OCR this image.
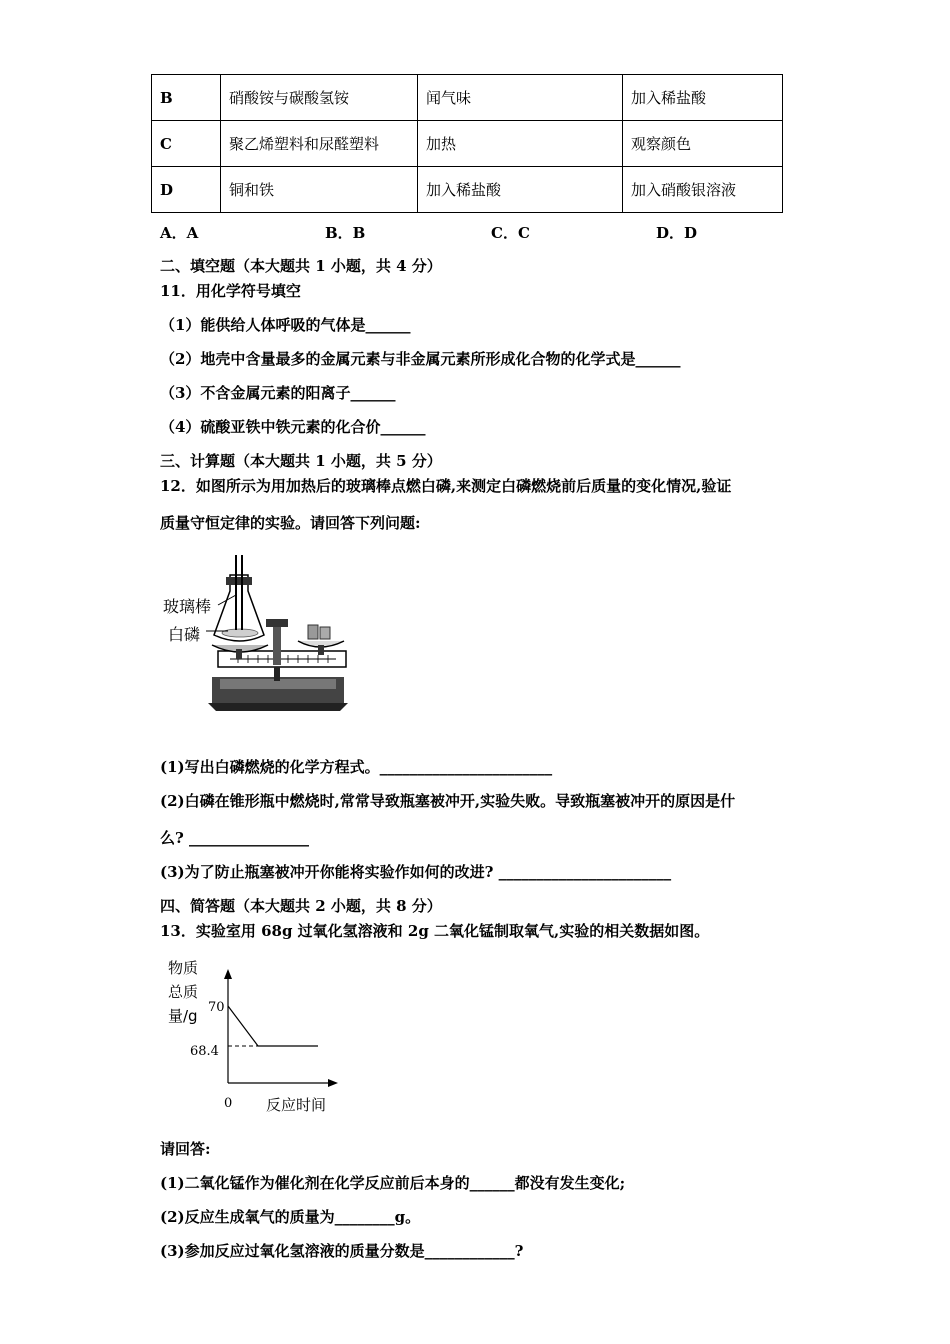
B	硝酸铵与碳酸氢铵	闻气味	加入稀盐酸
C	聚乙烯塑料和尿醛塑料	加热	观察颜色
D	铜和铁	加入稀盐酸	加入硝酸银溶液
A．A	B．B	C．C	D．D
二、填空题（本大题共 1 小题，共 4 分）
11．用化学符号填空
（1）能供给人体呼吸的气体是______
（2）地壳中含量最多的金属元素与非金属元素所形成化合物的化学式是______
（3）不含金属元素的阳离子______
（4）硫酸亚铁中铁元素的化合价______
三、计算题（本大题共 1 小题，共 5 分）
12．如图所示为用加热后的玻璃棒点燃白磷,来测定白磷燃烧前后质量的变化情况,验证
质量守恒定律的实验。请回答下列问题:
玻璃棒
白磷
(1)写出白磷燃烧的化学方程式。_______________________
(2)白磷在锥形瓶中燃烧时,常常导致瓶塞被冲开,实验失败。导致瓶塞被冲开的原因是什
么? ________________
(3)为了防止瓶塞被冲开你能将实验作如何的改进? _______________________
四、简答题（本大题共 2 小题，共 8 分）
13．实验室用 68g 过氧化氢溶液和 2g 二氧化锰制取氧气,实验的相关数据如图。
物质
总质
量/g 70
68.4
0 反应时间
请回答:
(1)二氧化锰作为催化剂在化学反应前后本身的______都没有发生变化;
(2)反应生成氧气的质量为________g。
(3)参加反应过氧化氢溶液的质量分数是____________?
